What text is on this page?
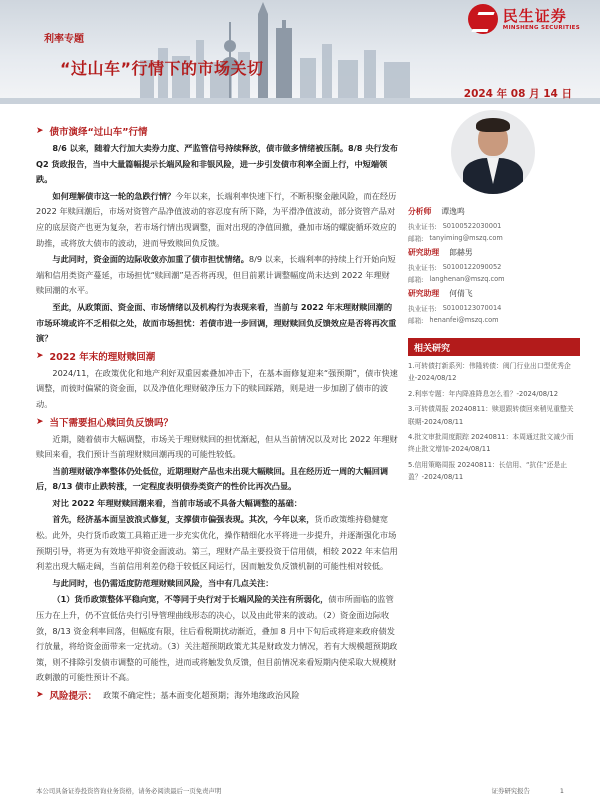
利率专题
“过山车”行情下的市场关切
2024 年 08 月 14 日
民生证券
MINSHENG SECURITIES
➤ 债市演绎“过山车”行情

8/6 以来，随着大行加大卖券力度、严监管信号持续释放，债市做多情绪被压制。8/8 央行发布 Q2 货政报告，当中大量篇幅提示长端风险和非银风险，进一步引发债市利率全面上行，中短端领跌。

如何理解债市这一轮的急跌行情？今年以来，长端利率快速下行，不断积聚金融风险，而在经历 2022 年赎回潮后，市场对资管产品净值波动的容忍度有所下降，为平滑净值波动，部分资管产品对应的底层资产也更为复杂，若市场行情出现调整，面对出现的净值回撤，叠加市场的螺旋循环效应的助推，或将放大债市的波动，进而导致赎回负反馈。

与此同时，资金面的边际收敛亦加重了债市担忧情绪。8/9 以来，长端利率的持续上行开始向短端和信用类资产蔓延，市场担忧“赎回潮”是否将再现，但目前累计调整幅度尚未达到 2022 年理财赎回潮的水平。

至此，从政策面、资金面、市场情绪以及机构行为表现来看，当前与 2022 年末理财赎回潮的市场环境或许不乏相似之处，故而市场担忧：若债市进一步回调，理财赎回负反馈效应是否将再次重演？

➤ 2022 年末的理财赎回潮

2024/11，在政策优化和地产利好双重因素叠加冲击下，在基本面修复迎来“强预期”，债市快速调整，而彼时偏紧的资金面，以及净值化理财破净压力下的赎回踩踏，则是进一步加剧了债市的波动。

➤ 当下需要担心赎回负反馈吗？

近期，随着债市大幅调整，市场关于理财赎回的担忧渐起，但从当前情况以及对比 2022 年理财赎回来看，我们预计当前理财赎回潮再现的可能性较低。

当前理财破净率整体仍处低位，近期理财产品也未出现大幅赎回。且在经历近一周的大幅回调后，8/13 债市止跌转涨，一定程度表明债券类资产的性价比再次凸显。

对比 2022 年理财赎回潮来看，当前市场或不具备大幅调整的基础：

首先，经济基本面呈波浪式修复，支撑债市偏强表现。其次，今年以来，货币政策维持稳健宽松。此外，央行货币政策工具箱正进一步充实优化，操作精细化水平将进一步提升，并逐渐强化市场预期引导，将更为有效地平抑资金面波动。第三，理财产品主要投资于信用债，相较 2022 年末信用利差出现大幅走阔，当前信用利差仍稳于较低区间运行，因而触发负反馈机制的可能性相对较低。

与此同时，也仍需适度防范理财赎回风险，当中有几点关注：

（1）货币政策整体平稳向宽，不等同于央行对于长端风险的关注有所弱化，债市所面临的监管压力在上升，仍不宜低估央行引导管理曲线形态的决心，以及由此带来的波动。（2）资金面边际收敛，8/13 资金利率回落，但幅度有限，往后看税期扰动渐近，叠加 8 月中下旬后或将迎来政府债发行放量，将给资金面带来一定扰动。（3）关注超预期政策尤其是财政发力情况，若有大规模超预期政策，则不排除引发债市调整的可能性，进而或将触发负反馈，但目前情况来看短期内使采取大规模财政刺激的可能性预计不高。

➤ 风险提示： 政策不确定性；基本面变化超预期；海外地缘政治风险
分析师 谭逸鸣
执业证书: S0100522030001
邮箱: tanyiming@mszq.com
研究助理 郎赫男
执业证书: S0100122090052
邮箱: langhenan@mszq.com
研究助理 何倩飞
执业证书: S0100123070014
邮箱: henanfei@mszq.com
相关研究
1.可转债打新系列：伟隆转债：阀门行业出口型优秀企业-2024/08/12
2.利率专题：年内降准降息怎么看？-2024/08/12
3.可转债周报 20240811：赎退跟转债回来稍见重整关联期-2024/08/11
4.批文审批周度跟踪 20240811：本周通过批文减少而终止批文增加-2024/08/11
5.信用策略周报 20240811：长信用、“抗住”还是止盈？-2024/08/11
本公司具备证券投资咨询业务资格，请务必阅读最后一页免责声明	证券研究报告	1
